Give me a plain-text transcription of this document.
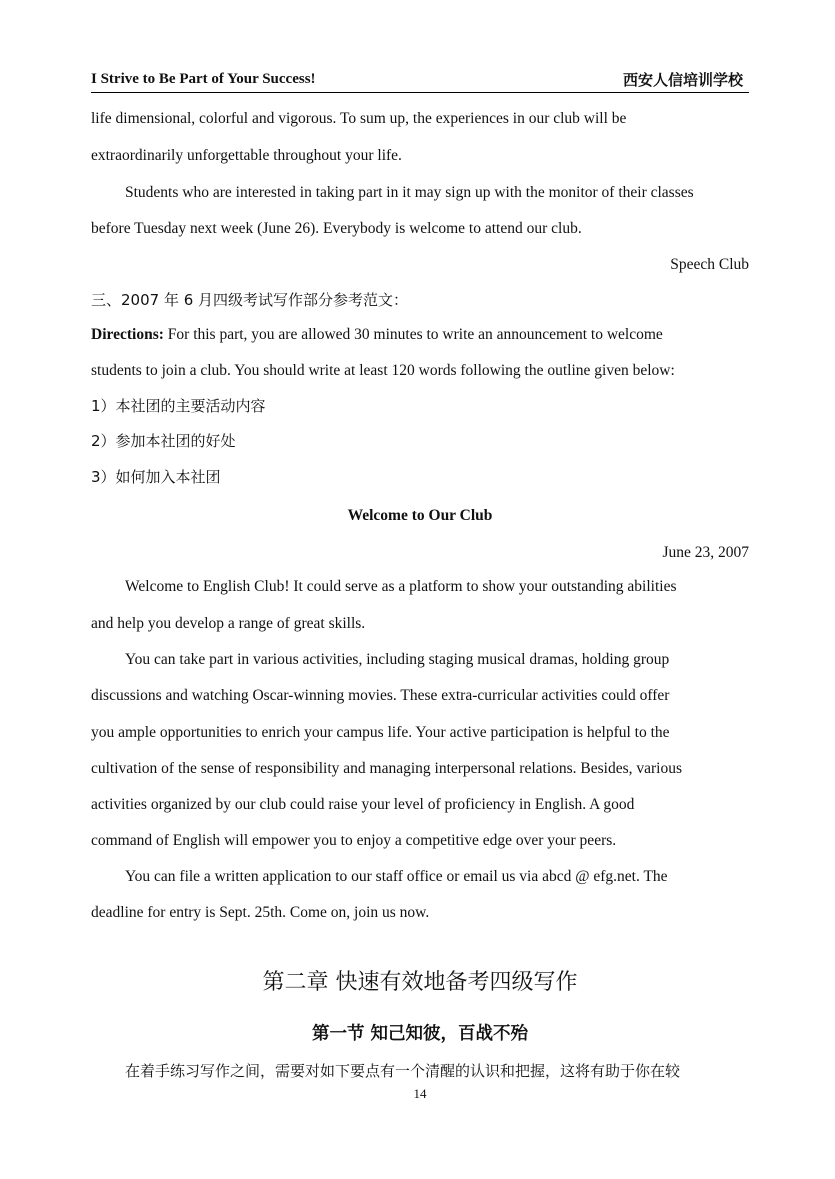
I Strive to Be Part of Your Success!	西安人信培训学校
life dimensional, colorful and vigorous. To sum up, the experiences in our club will be
extraordinarily unforgettable throughout your life.
Students who are interested in taking part in it may sign up with the monitor of their classes
before Tuesday next week (June 26). Everybody is welcome to attend our club.
Speech Club
三、2007 年 6 月四级考试写作部分参考范文：
Directions: For this part, you are allowed 30 minutes to write an announcement to welcome
students to join a club. You should write at least 120 words following the outline given below:
1）本社团的主要活动内容
2）参加本社团的好处
3）如何加入本社团
Welcome to Our Club
June 23, 2007
Welcome to English Club! It could serve as a platform to show your outstanding abilities
and help you develop a range of great skills.
You can take part in various activities, including staging musical dramas, holding group
discussions and watching Oscar-winning movies. These extra-curricular activities could offer
you ample opportunities to enrich your campus life. Your active participation is helpful to the
cultivation of the sense of responsibility and managing interpersonal relations. Besides, various
activities organized by our club could raise your level of proficiency in English. A good
command of English will empower you to enjoy a competitive edge over your peers.
You can file a written application to our staff office or email us via abcd @ efg.net. The
deadline for entry is Sept. 25th. Come on, join us now.
第二章 快速有效地备考四级写作
第一节 知己知彼，百战不殆
在着手练习写作之间，需要对如下要点有一个清醒的认识和把握，这将有助于你在较
14
